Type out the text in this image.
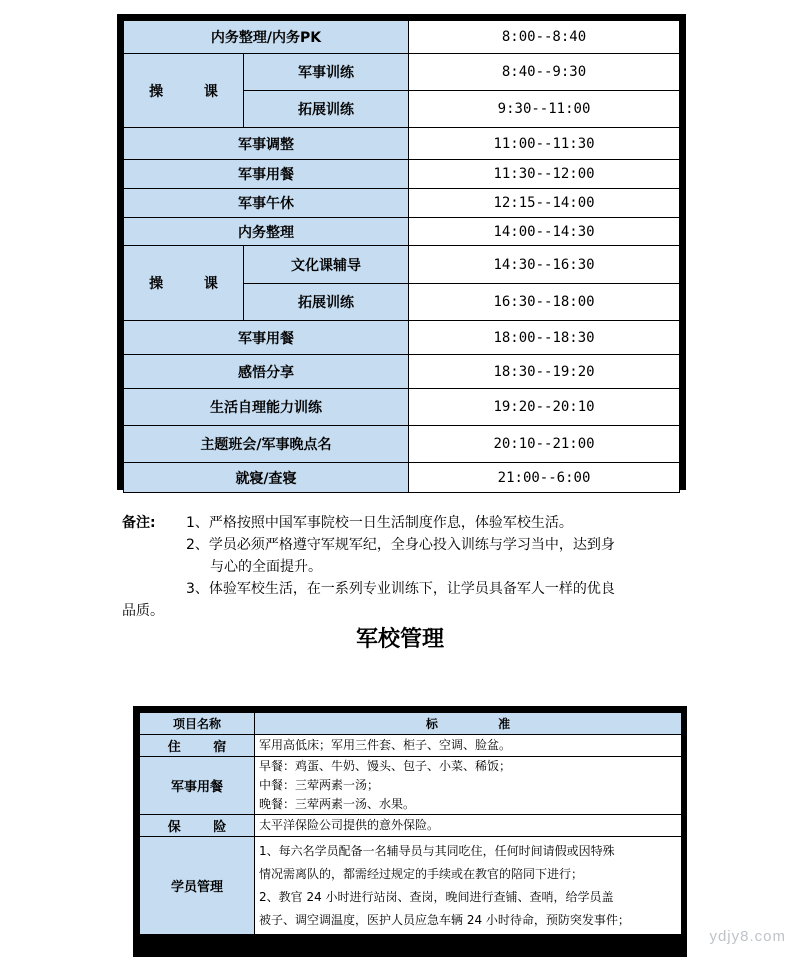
内务整理/内务PK		8:00--8:40
操 课	军事训练	8:40--9:30
	拓展训练	9:30--11:00
军事调整		11:00--11:30
军事用餐		11:30--12:00
军事午休		12:15--14:00
内务整理		14:00--14:30
操 课	文化课辅导	14:30--16:30
	拓展训练	16:30--18:00
军事用餐		18:00--18:30
感悟分享		18:30--19:20
生活自理能力训练		19:20--20:10
主题班会/军事晚点名		20:10--21:00
就寝/查寝		21:00--6:00
备注: 1、严格按照中国军事院校一日生活制度作息，体验军校生活。
2、学员必须严格遵守军规军纪，全身心投入训练与学习当中，达到身
与心的全面提升。
3、体验军校生活，在一系列专业训练下，让学员具备军人一样的优良
品质。
军校管理
项目名称	标 准
住 宿	军用高低床；军用三件套、柜子、空调、脸盆。
军事用餐	早餐：鸡蛋、牛奶、馒头、包子、小菜、稀饭；
中餐：三荤两素一汤；
晚餐：三荤两素一汤、水果。

保 险	太平洋保险公司提供的意外保险。
学员管理	1、每六名学员配备一名辅导员与其同吃住，任何时间请假或因特殊
情况需离队的，都需经过规定的手续或在教官的陪同下进行；
2、教官 24 小时进行站岗、查岗，晚间进行查铺、查哨，给学员盖
被子、调空调温度，医护人员应急车辆 24 小时待命，预防突发事件；
ydjy8.com
